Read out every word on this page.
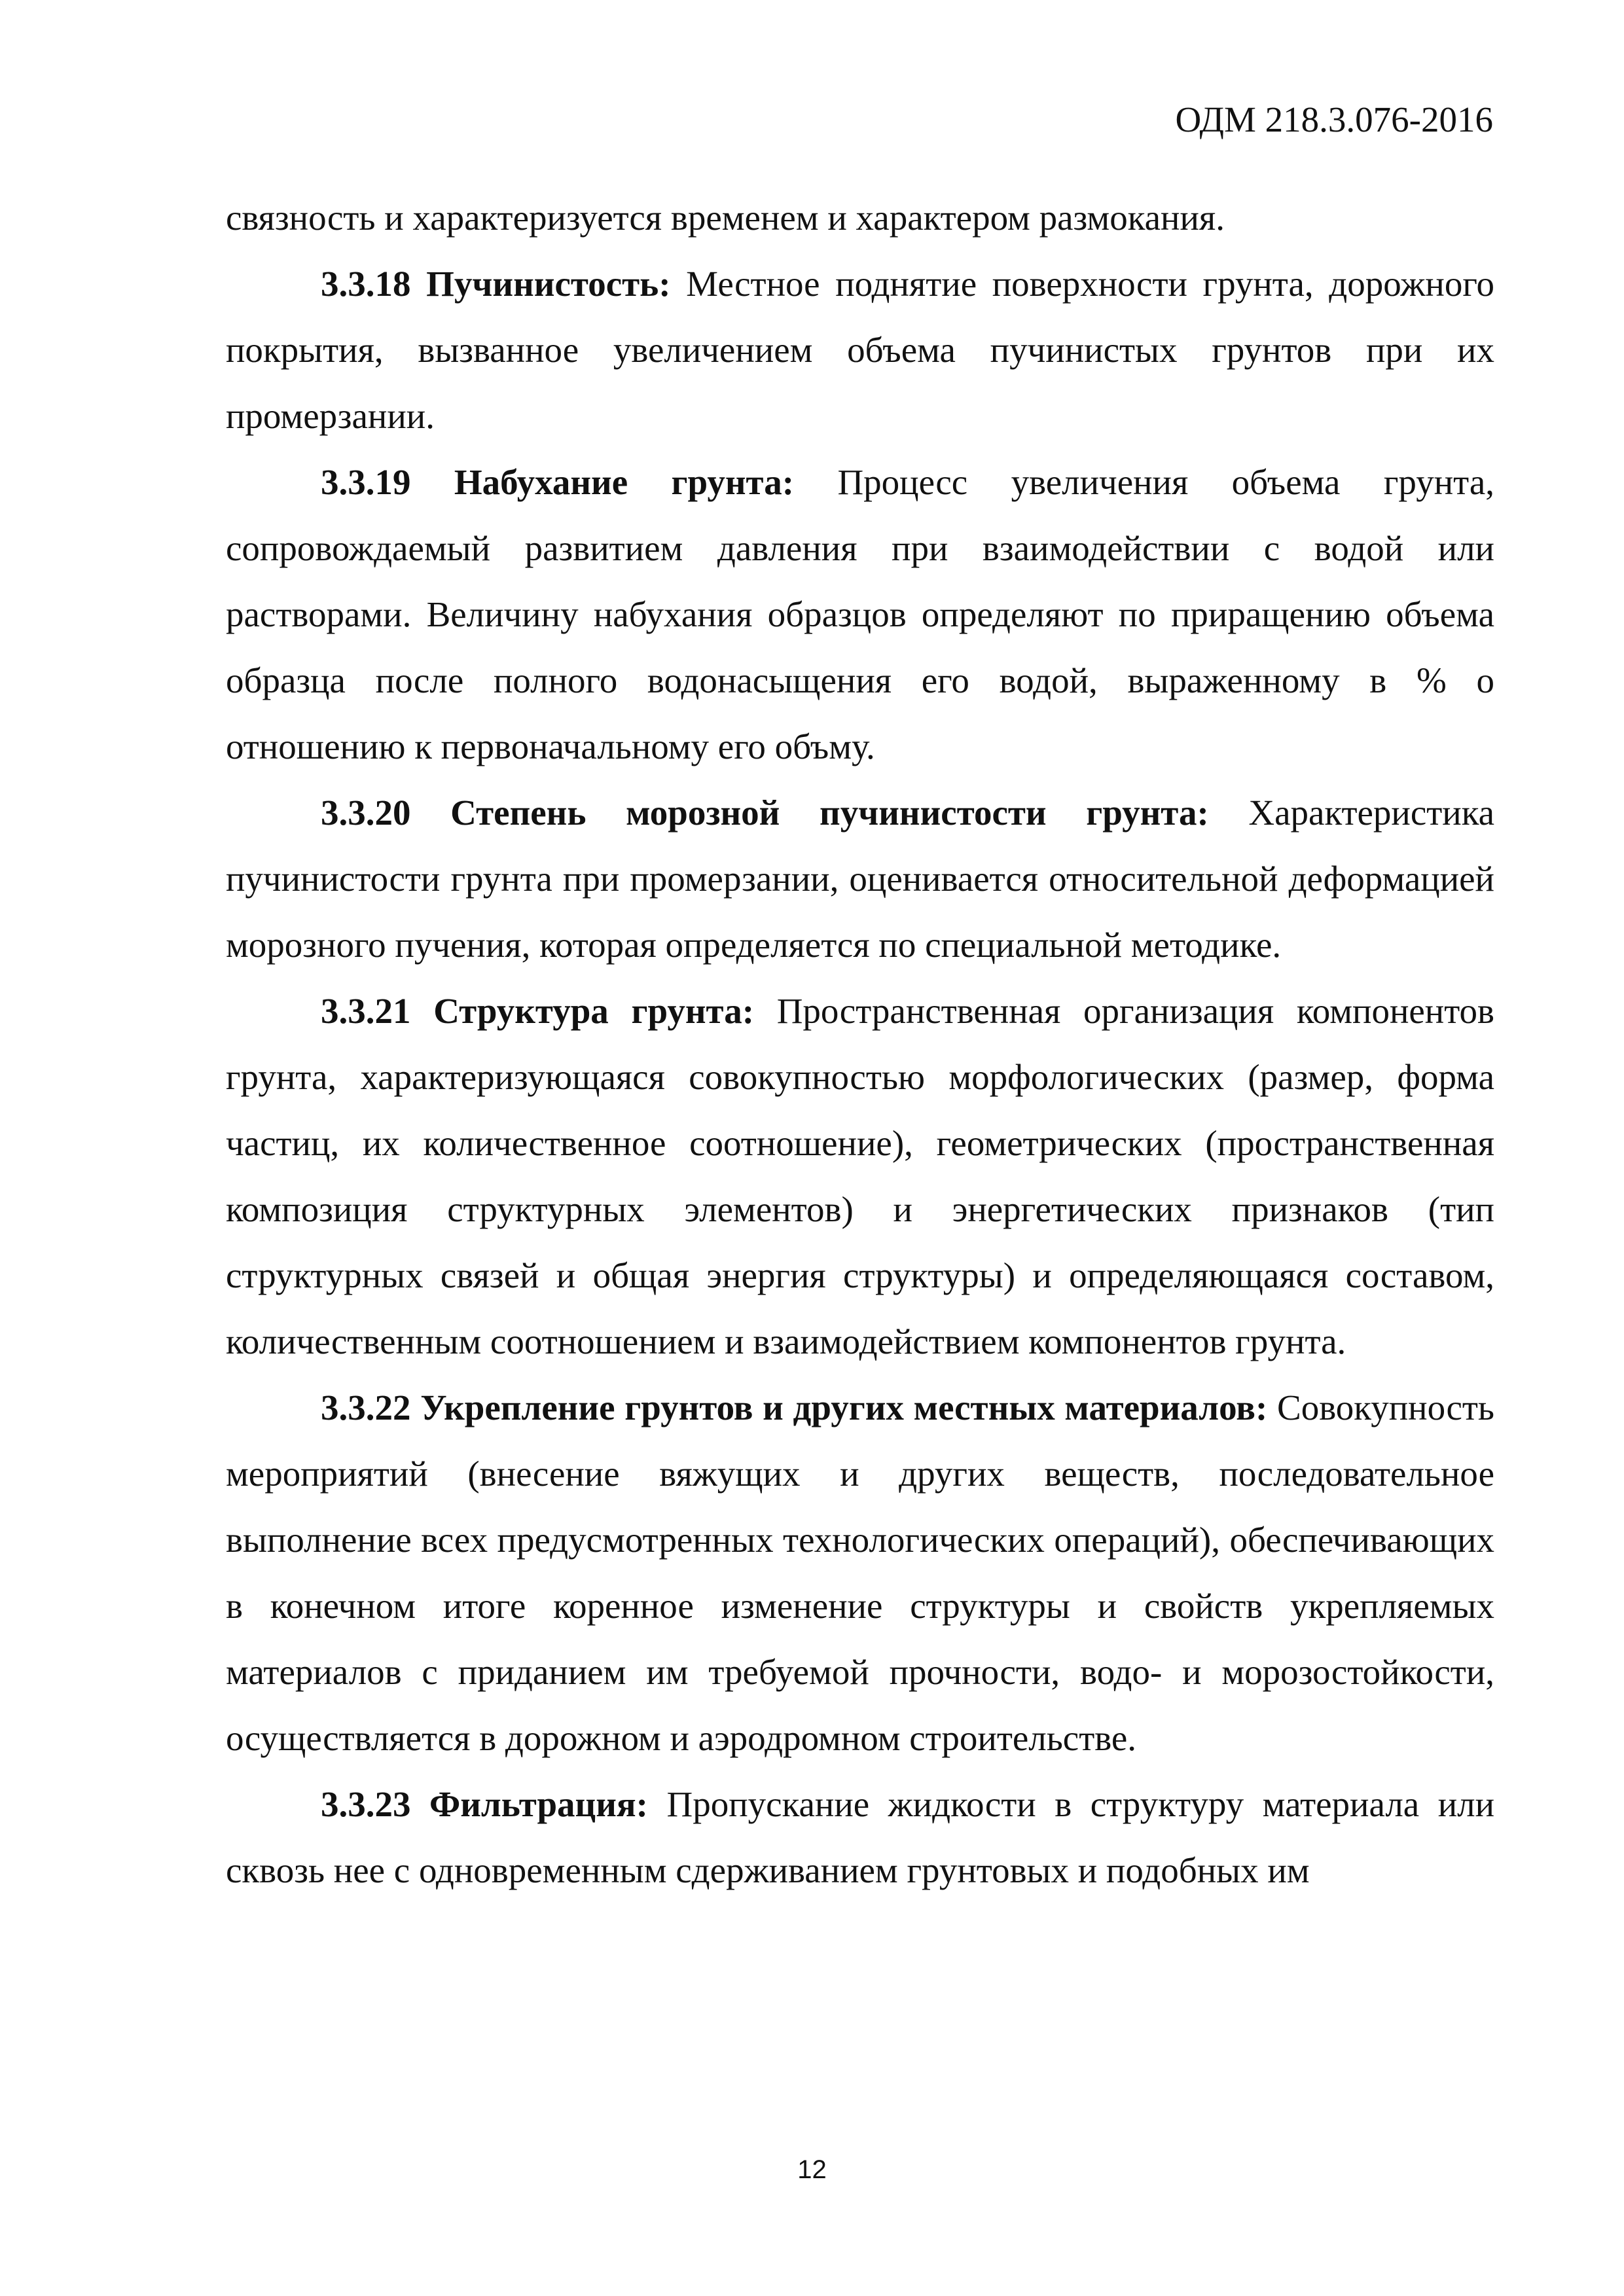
ОДМ 218.3.076-2016

связность и характеризуется временем и характером размокания.

3.3.18 Пучинистость: Местное поднятие поверхности грунта, дорожного покрытия, вызванное увеличением объема пучинистых грунтов при их промерзании.

3.3.19 Набухание грунта: Процесс увеличения объема грунта, сопровождаемый развитием давления при взаимодействии с водой или растворами. Величину набухания образцов определяют по приращению объема образца после полного водонасыщения его водой, выраженному в % о отношению к первоначальному его объму.

3.3.20 Степень морозной пучинистости грунта: Характеристика пучинистости грунта при промерзании, оценивается относительной деформацией морозного пучения, которая определяется по специальной методике.

3.3.21 Структура грунта: Пространственная организация компонентов грунта, характеризующаяся совокупностью морфологических (размер, форма частиц, их количественное соотношение), геометрических (пространственная композиция структурных элементов) и энергетических признаков (тип структурных связей и общая энергия структуры) и определяющаяся составом, количественным соотношением и взаимодействием компонентов грунта.

3.3.22 Укрепление грунтов и других местных материалов: Совокупность мероприятий (внесение вяжущих и других веществ, последовательное выполнение всех предусмотренных технологических операций), обеспечивающих в конечном итоге коренное изменение структуры и свойств укрепляемых материалов с приданием им требуемой прочности, водо- и морозостойкости, осуществляется в дорожном и аэродромном строительстве.

3.3.23 Фильтрация: Пропускание жидкости в структуру материала или сквозь нее с одновременным сдерживанием грунтовых и подобных им

12
